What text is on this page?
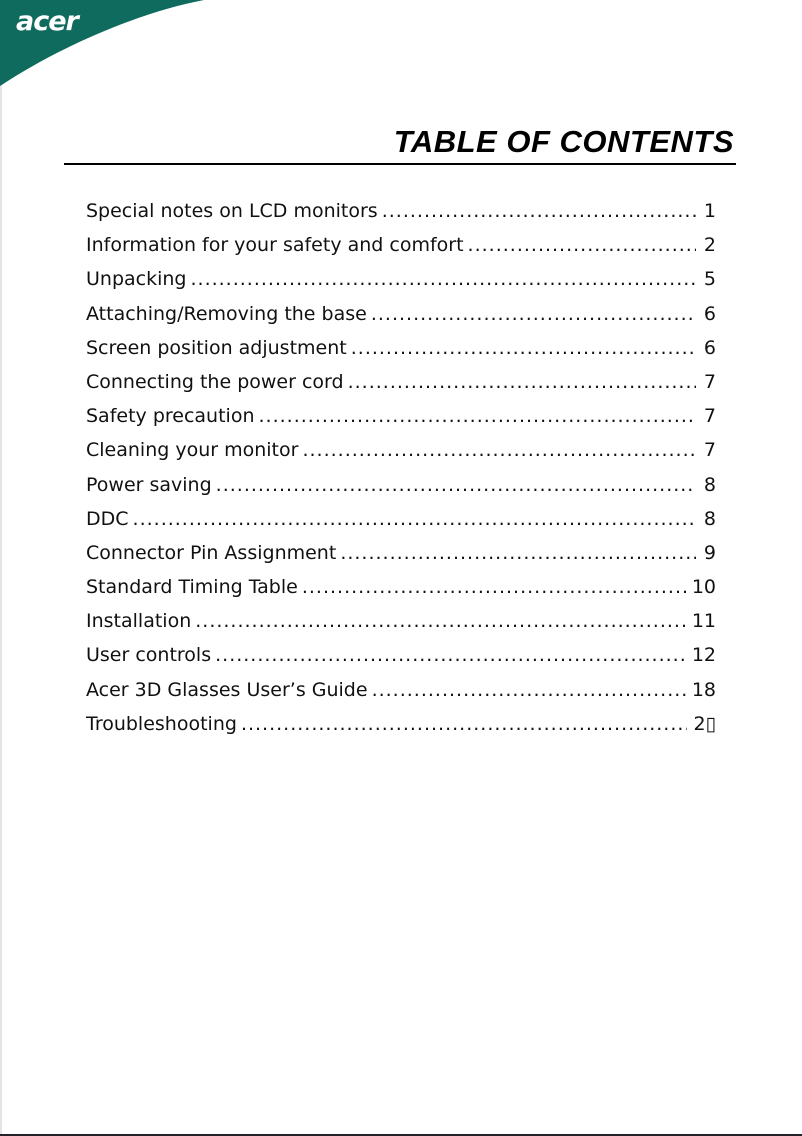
acer
TABLE OF CONTENTS
Special notes on LCD monitors .....	1
Information for your safety and comfort .....	2
Unpacking .....	5
Attaching/Removing the base .....	6
Screen position adjustment .....	6
Connecting the power cord .....	7
Safety precaution .....	7
Cleaning your monitor .....	7
Power saving .....	8
DDC .....	8
Connector Pin Assignment .....	9
Standard Timing Table .....	10
Installation .....	11
User controls .....	12
Acer 3D Glasses User’s Guide .....	18
Troubleshooting .....	2▯
